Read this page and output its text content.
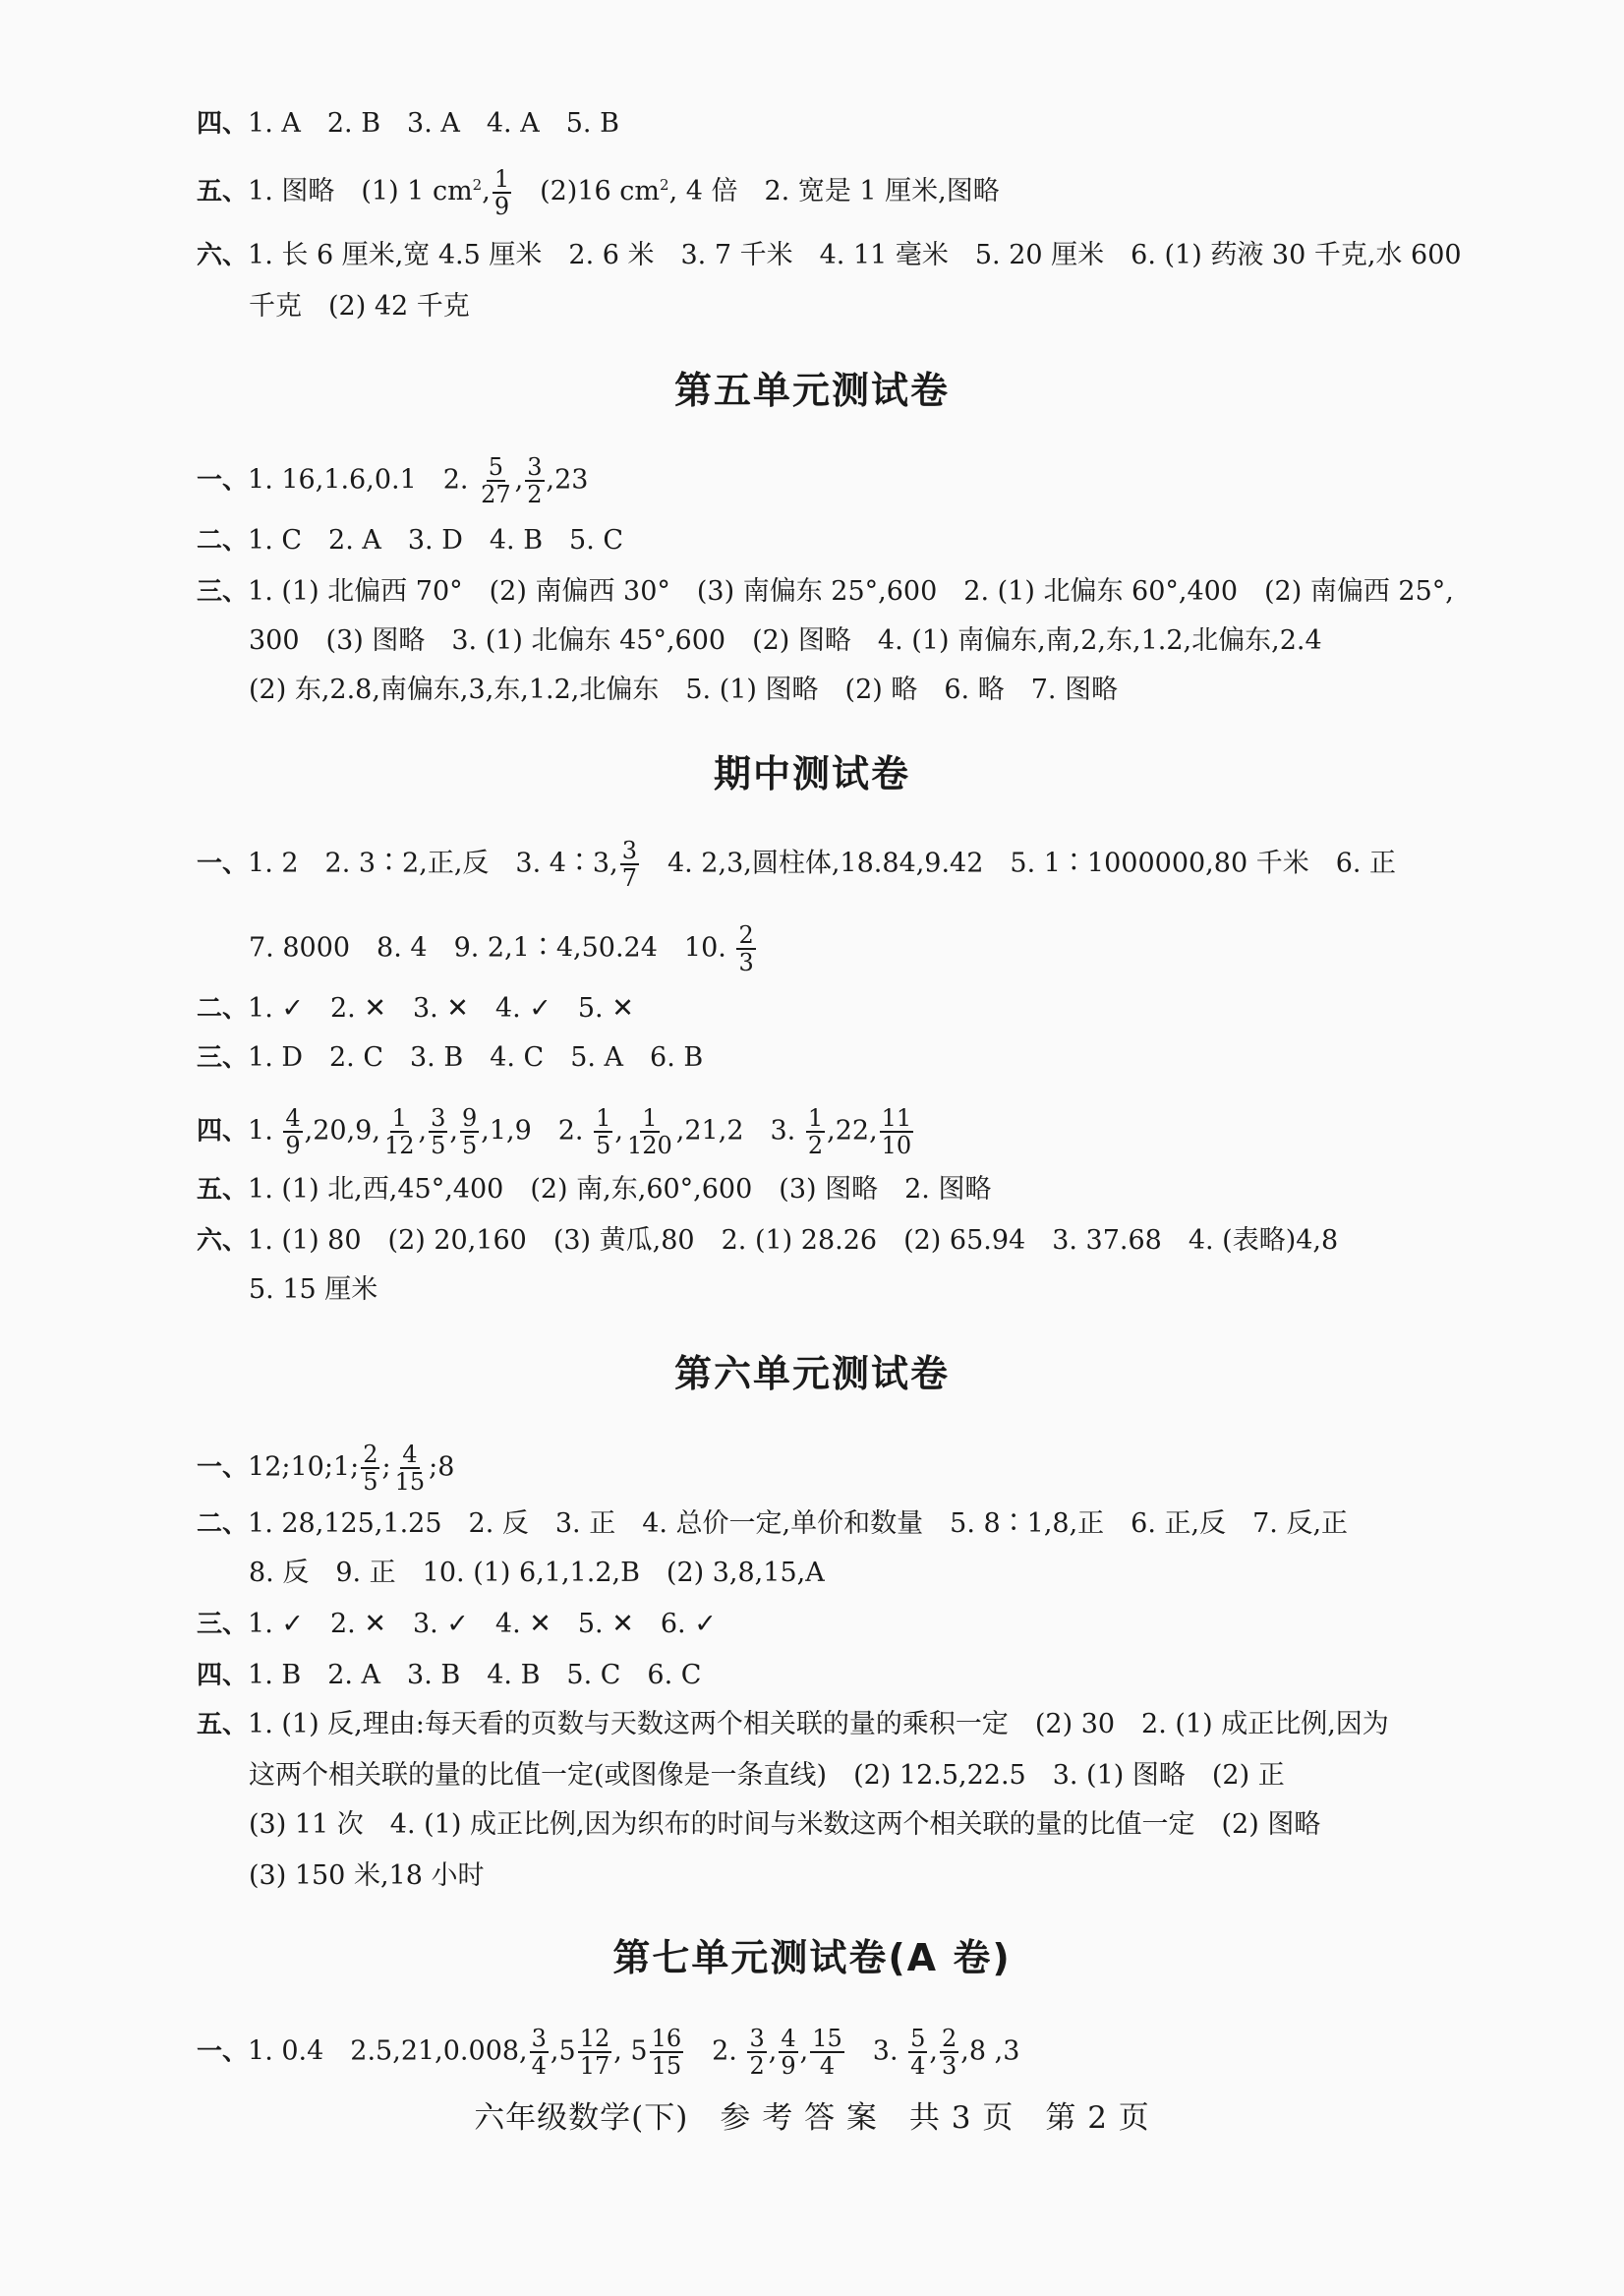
四、1. A　2. B　3. A　4. A　5. B
五、1. 图略　(1) 1 $cm^2$, $\frac{1}{9}$ 　(2)16 $cm^2$, 4 倍　2. 宽是 1 厘米,图略
六、1. 长 6 厘米,宽 4.5 厘米　2. 6 米　3. 7 千米　4. 11 毫米　5. 20 厘米　6. (1) 药液 30 千克,水 600
千克　(2) 42 千克
第五单元测试卷
一、1. 16,1.6,0.1　2. $\frac{5}{27}$ , $\frac{3}{2} ,23$
二、1. C　2. A　3. D　4. B　5. C
三、1. (1) 北偏西 70°　(2) 南偏西 30°　(3) 南偏东 25°,600　2. (1) 北偏东 60°,400　(2) 南偏西 25°,
300　(3) 图略　3. (1) 北偏东 45°,600　(2) 图略　4. (1) 南偏东,南,2,东,1.2,北偏东,2.4
(2) 东,2.8,南偏东,3,东,1.2,北偏东　5. (1) 图略　(2) 略　6. 略　7. 图略
期中测试卷
一、1. 2　2. 3∶2,正,反　3. 4∶3, $\frac{3}{7}$ 　4. 2,3,圆柱体,18.84,9.42　5. 1∶1000000,80 千米　6. 正
7. 8000　8. 4　9. 2,1∶4,50.24　10. $\frac{2}{3}$
二、1. ✓　2. ✕　3. ✕　4. ✓　5. ✕
三、1. D　2. C　3. B　4. C　5. A　6. B
四、1. $\frac{4}{9} ,20,9$, $\frac{1}{12}$ , $\frac{3}{5}$ , $\frac{9}{5} ,1,9$　2. $\frac{1}{5}$ , $\frac{1}{120} ,21,2$　3. $\frac{1}{2} ,22$, $\frac{11}{10}$
五、1. (1) 北,西,45°,400　(2) 南,东,60°,600　(3) 图略　2. 图略
六、1. (1) 80　(2) 20,160　(3) 黄瓜,80　2. (1) 28.26　(2) 65.94　3. 37.68　4. (表略)4,8
5. 15 厘米
第六单元测试卷
一、12;10;1; $\frac{2}{5}$ ; $\frac{4}{15}$ ;8
二、1. 28,125,1.25　2. 反　3. 正　4. 总价一定,单价和数量　5. 8∶1,8,正　6. 正,反　7. 反,正
8. 反　9. 正　10. (1) 6,1,1.2,B　(2) 3,8,15,A
三、1. ✓　2. ✕　3. ✓　4. ✕　5. ✕　6. ✓
四、1. B　2. A　3. B　4. B　5. C　6. C
五、1. (1) 反,理由:每天看的页数与天数这两个相关联的量的乘积一定　(2) 30　2. (1) 成正比例,因为
这两个相关联的量的比值一定(或图像是一条直线)　(2) 12.5,22.5　3. (1) 图略　(2) 正
(3) 11 次　4. (1) 成正比例,因为织布的时间与米数这两个相关联的量的比值一定　(2) 图略
(3) 150 米,18 小时
第七单元测试卷(A 卷)
一、1. 0.4　2.5,21,0.008, $\frac{3}{4} ,5 \frac{12}{17}$ , $5 \frac{16}{15}$ 　2. $\frac{3}{2}$ , $\frac{4}{9}$ , $\frac{15}{4}$ 　3. $\frac{5}{4}$ , $\frac{2}{3} ,8$ ,3
六年级数学(下)　参 考 答 案　共 3 页　第 2 页
